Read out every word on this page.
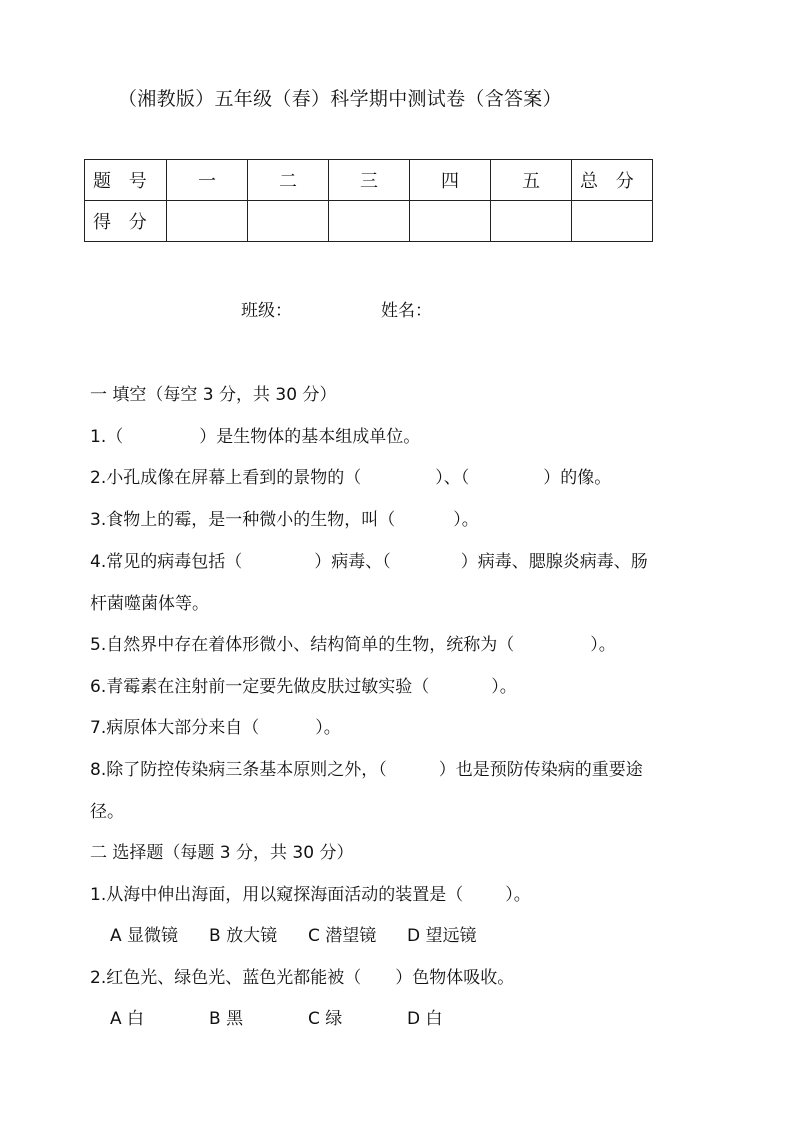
（湘教版）五年级（春）科学期中测试卷（含答案）
题 号	一	二	三	四	五	总 分
得 分						
班级：	姓名：
一 填空（每空 3 分，共 30 分）
1.（	）是生物体的基本组成单位。
2.小孔成像在屏幕上看到的景物的（	）、（	）的像。
3.食物上的霉，是一种微小的生物，叫（	）。
4.常见的病毒包括（	）病毒、（	）病毒、腮腺炎病毒、肠
杆菌噬菌体等。
5.自然界中存在着体形微小、结构简单的生物，统称为（	）。
6.青霉素在注射前一定要先做皮肤过敏实验（	）。
7.病原体大部分来自（	）。
8.除了防控传染病三条基本原则之外，（	）也是预防传染病的重要途
径。
二 选择题（每题 3 分，共 30 分）
1.从海中伸出海面，用以窥探海面活动的装置是（ ）。
A 显微镜 B 放大镜 C 潜望镜 D 望远镜
2.红色光、绿色光、蓝色光都能被（ ）色物体吸收。
A 白	B 黑	C 绿	D 白
